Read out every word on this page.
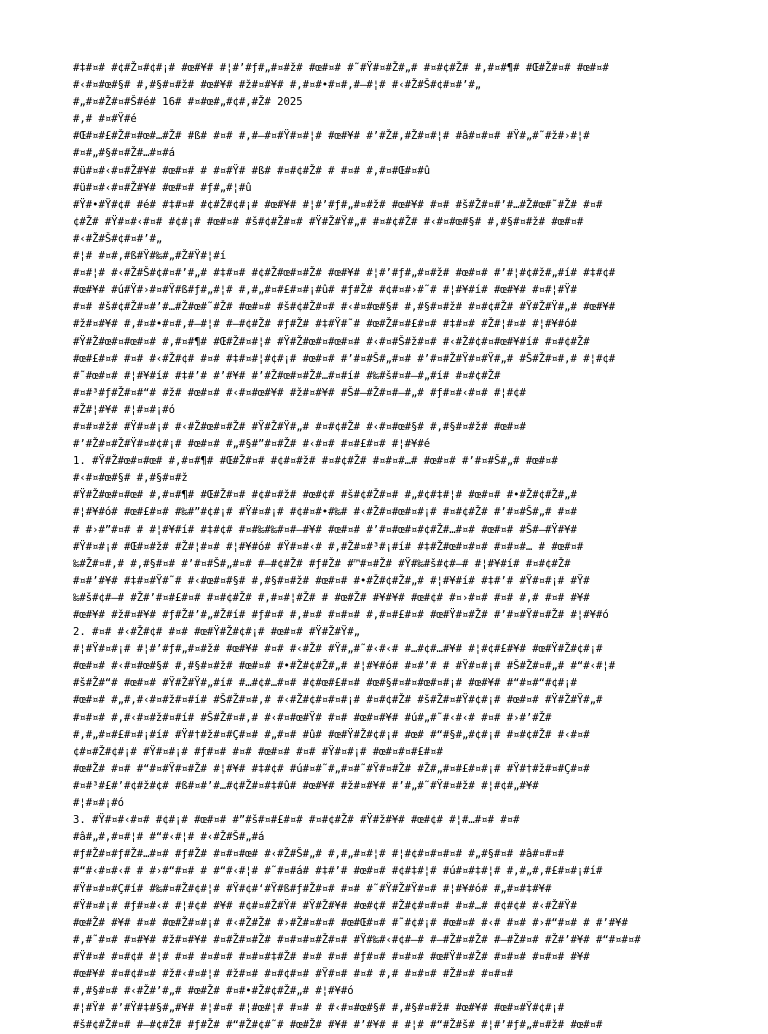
#‡#¤# #¢#Ž¤#¢#¡# #œ#¥# #¦#’#ƒ#„#¤#ž# #œ#¤# #˜#Ÿ#¤#Ž#„# #¤#¢#Ž# #‚#¤#¶# #Œ#Ž#¤# #œ#¤#
#‹#¤#œ#§# #‚#§#¤#ž# #œ#¥# #ž#¤#¥# #‚#¤#•#¤#‚#–#¦# #‹#Ž#Š#¢#¤#’#„
#„#¤#Ž#¤#Š#é# 16# #¤#œ#„#¢#‚#Ž# 2025
#‚# #¤#Ÿ#é
#Œ#¤#£#Ž#¤#œ#…#Ž# #ß# #¤# #‚#–#¤#Ÿ#¤#¦# #œ#¥# #’#Ž#‚#Ž#¤#¦# #â#¤#¤# #Ÿ#„#˜#ž#›#¦#
#¤#„#§#¤#Ž#…#¤#á
#ü#¤#‹#¤#Ž#¥# #œ#¤# # #¤#Ÿ# #ß# #¤#¢#Ž# # #¤# #‚#¤#Œ#¤#û
#ü#¤#‹#¤#Ž#¥# #œ#¤# #ƒ#„#¦#û
#Ÿ#•#Ÿ#¢# #é# #‡#¤# #¢#Ž#¢#¡# #œ#¥# #¦#’#ƒ#„#¤#ž# #œ#¥# #¤# #š#Ž#¤#’#…#Ž#œ#˜#Ž# #¤#
¢#Ž# #Ÿ#¤#‹#¤# #¢#¡# #œ#¤# #š#¢#Ž#¤# #Ÿ#Ž#Ÿ#„# #¤#¢#Ž# #‹#¤#œ#§# #‚#§#¤#ž# #œ#¤#
#‹#Ž#Š#¢#¤#’#„
#¦# #¤#‚#ß#Ÿ#‰#„#Ž#Ÿ#¦#í
#¤#¦# #‹#Ž#Š#¢#¤#’#„# #‡#¤# #¢#Ž#œ#¤#Ž# #œ#¥# #¦#’#ƒ#„#¤#ž# #œ#¤# #’#¦#¢#ž#„#í# #‡#¢#
#œ#¥# #ú#Ÿ#›#¤#Ÿ#ß#ƒ#„#¦# #‚#„#¤#£#¤#¡#û# #ƒ#Ž# #¢#¤#›#˜# #¦#¥#í# #œ#¥# #¤#¦#Ÿ#
#¤# #š#¢#Ž#¤#’#…#Ž#œ#˜#Ž# #œ#¤# #š#¢#Ž#¤# #‹#¤#œ#§# #‚#§#¤#ž# #¤#¢#Ž# #Ÿ#Ž#Ÿ#„# #œ#¥#
#ž#¤#¥# #‚#¤#•#¤#‚#–#¦# #–#¢#Ž# #ƒ#Ž# #‡#Ÿ#˜# #œ#Ž#¤#£#¤# #‡#¤# #Ž#¦#¤# #¦#¥#ó#
#Ÿ#Ž#œ#¤#œ#¤# #‚#¤#¶# #Œ#Ž#¤#¦# #Ÿ#Ž#œ#¤#œ#¤# #‹#¤#Š#ž#¤# #‹#Ž#¢#¤#œ#¥#í# #¤#¢#Ž#
#œ#£#¤# #¤# #‹#Ž#¢# #¤# #‡#¤#¦#¢#¡# #œ#¤# #’#¤#Š#„#¤# #’#¤#Ž#Ÿ#¤#Ÿ#„# #Š#Ž#¤#‚# #¦#¢#
#˜#œ#¤# #¦#¥#í# #‡#’# #’#¥# #’#Ž#œ#¤#Ž#…#¤#í# #‰#š#¤#—#„#í# #¤#¢#Ž#
#¤#³#ƒ#Ž#¤#“# #ž# #œ#¤# #‹#¤#œ#¥# #ž#¤#¥# #Š#–#Ž#¤#—#„# #ƒ#¤#‹#¤# #¦#¢#
#Ž#¦#¥# #¦#¤#¡#ó
#¤#¤#ž# #Ÿ#¤#¡# #‹#Ž#œ#¤#Ž# #Ÿ#Ž#Ÿ#„# #¤#¢#Ž# #‹#¤#œ#§# #‚#§#¤#ž# #œ#¤#
#’#Ž#¤#Ž#Ÿ#¤#¢#¡# #œ#¤# #„#§#”#¤#Ž# #‹#¤# #¤#£#¤# #¦#¥#é
1. #Ÿ#Ž#œ#¤#œ# #‚#¤#¶# #Œ#Ž#¤# #¢#¤#ž# #¤#¢#Ž# #¤#¤#…# #œ#¤# #’#¤#Š#„# #œ#¤#
#‹#¤#œ#§# #‚#§#¤#ž
#Ÿ#Ž#œ#¤#œ# #‚#¤#¶# #Œ#Ž#¤# #¢#¤#ž# #œ#¢# #š#¢#Ž#¤# #„#¢#‡#¦# #œ#¤# #•#Ž#¢#Ž#„#
#¦#¥#ó# #œ#£#¤# #‰#”#¢#¡# #Ÿ#¤#¡# #¢#¤#•#‰# #‹#Ž#¤#œ#¤#¡# #¤#¢#Ž# #’#¤#Š#„# #¤#
# #›#”#¤# # #¦#¥#í# #‡#¢# #¤#‰#‰#¤#–#¥# #œ#¤# #’#¤#œ#¤#¢#Ž#…#¤# #œ#¤# #Š#–#Ÿ#¥#
#Ÿ#¤#¡# #Œ#¤#ž# #Ž#¦#¤# #¦#¥#ó# #Ÿ#¤#‹# #‚#Ž#¤#³#¡#í# #‡#Ž#œ#¤#¤# #¤#¤#… # #œ#¤#
‰#Ž#¤#‚# #‚#§#¤# #’#¤#Š#„#¤# #–#¢#Ž# #ƒ#Ž# #™#¤#Ž# #Ÿ#‰#š#¢#—# #¦#¥#í# #¤#¢#Ž#
#¤#’#¥# #‡#¤#Ÿ#˜# #‹#œ#¤#§# #‚#§#¤#ž# #œ#¤# #•#Ž#¢#Ž#„# #¦#¥#í# #‡#’# #Ÿ#¤#¡# #Ÿ#
‰#š#¢#—# #Ž#’#¤#£#¤# #¤#¢#Ž# #‚#¤#¦#Ž# # #œ#Ž# #¥#¥# #œ#¢# #¤›#¤# #¤# #‚# #¤# #¥#
#œ#¥# #ž#¤#¥# #ƒ#Ž#’#„#Ž#í# #ƒ#¤# #‚#¤# #¤#¤# #‚#¤#£#¤# #œ#Ÿ#¤#Ž# #’#¤#Ÿ#¤#Ž# #¦#¥#ó
2. #¤# #‹#Ž#¢# #¤# #œ#Ÿ#Ž#¢#¡# #œ#¤# #Ÿ#Ž#Ÿ#„
#¦#Ÿ#¤#¡# #¦#’#ƒ#„#¤#ž# #œ#¥# #¤# #‹#Ž# #Ÿ#„#˜#‹#‹# #…#¢#…#¥# #¦#¢#£#¥# #œ#Ÿ#Ž#¢#¡#
#œ#¤# #‹#¤#œ#§# #‚#§#¤#ž# #œ#¤# #•#Ž#¢#Ž#„# #¦#¥#ó# #¤#’# # #Ÿ#¤#¡# #Š#Ž#¤#„# #“#‹#¦#
#š#Ž#“# #œ#¤# #Ÿ#Ž#Ÿ#„#í# #…#¢#…#¤# #¢#œ#£#¤# #œ#§#¤#¤#œ#¤#¡# #œ#¥# #“#¤#“#¢#¡#
#œ#¤# #„#‚#‹#¤#ž#¤#í# #Š#Ž#¤#‚# #‹#Ž#¢#¤#¤#¡# #¤#¢#Ž# #š#Ž#¤#Ÿ#¢#¡# #œ#¤# #Ÿ#Ž#Ÿ#„#
#¤#¤# #‚#‹#¤#ž#¤#í# #Š#Ž#¤#‚# #‹#¤#œ#Ÿ# #¤# #œ#¤#¥# #ú#„#˜#‹#‹# #¤# #›#’#Ž#
#‚#„#¤#£#¤#¡#í# #Ÿ#†#ž#¤#Ç#¤# #„#¤# #û# #œ#Ÿ#Ž#¢#¡# #œ# #“#§#„#¢#¡# #¤#¢#Ž# #‹#¤#
¢#¤#Ž#¢#¡# #Ÿ#¤#¡# #ƒ#¤# #¤# #œ#¤# #¤# #Ÿ#¤#¡# #œ#¤#¤#£#¤#
#œ#Ž# #¤# #“#¤#Ÿ#¤#Ž# #¦#¥# #‡#¢# #ú#¤#˜#„#¤#˜#Ÿ#¤#Ž# #Ž#„#¤#£#¤#¡# #Ÿ#†#ž#¤#Ç#¤#
#¤#³#£#’#¢#ž#¢# #ß#¤#’#…#¢#Ž#¤#‡#û# #œ#¥# #ž#¤#¥# #’#„#˜#Ÿ#¤#ž# #¦#¢#„#¥#
#¦#¤#¡#ó
3. #Ÿ#¤#‹#¤# #¢#¡# #œ#¤# #”#š#¤#£#¤# #¤#¢#Ž# #Ÿ#ž#¥# #œ#¢# #¦#…#¤# #¤#
#â#„#‚#¤#¦# #“#‹#¦# #‹#Ž#Š#„#á
#ƒ#Ž#¤#ƒ#Ž#…#¤# #ƒ#Ž# #¤#¤#œ# #‹#Ž#Š#„# #‚#„#¤#¦# #¦#¢#¤#¤#¤# #„#§#¤# #â#¤#¤#
#“#‹#¤#‹# # #›#“#¤# # #“#‹#¦# #˜#¤#á# #‡#’# #œ#¤# #¢#‡#¦# #ú#¤#‡#¦# #‚#„#‚#£#¤#¡#í#
#Ÿ#¤#¤#Ç#í# #‰#¤#Ž#¢#¦# #Ÿ#¢#‘#Ÿ#ß#ƒ#Ž#¤# #¤# #˜#Ÿ#Ž#Ÿ#¤# #¦#¥#ó# #„#¤#‡#¥#
#Ÿ#¤#¡# #ƒ#¤#‹# #¦#¢# #¥# #¢#¤#Ž#Ÿ# #Ÿ#Ž#¥# #œ#¢# #Ž#¢#¤#¤# #¤#…# #¢#¢# #‹#Ž#Ÿ#
#œ#Ž# #¥# #¤# #œ#Ž#¤#¡# #‹#Ž#Ž# #›#Ž#¤#¤# #œ#Œ#¤# #˜#¢#¡# #œ#¤# #‹# #¤# #›#“#¤# # #’#¥#
#‚#˜#¤# #¤#¥# #ž#¤#¥# #¤#Ž#¤#Ž# #¤#¤#¤#Ž#¤# #Ÿ#‰#‹#¢#—# #–#Ž#¤#Ž# #–#Ž#¤# #Ž#’#¥# #“#¤#¤#
#Ÿ#¤# #¤#¢# #¦# #¤# #¤#¤# #¤#¤#‡#Ž# #¤# #¤# #ƒ#¤# #¤#¤# #œ#Ÿ#¤#Ž# #¤#¤# #¤#¤# #¥#
#œ#¥# #¤#¢#¤# #ž#‹#¤#¦# #ž#¤# #¤#¢#¤# #Ÿ#¤# #¤# #‚# #¤#¤# #Ž#¤# #¤#¤#
#‚#§#¤# #‹#Ž#’#„# #œ#Ž# #¤#•#Ž#¢#Ž#„# #¦#¥#ó
#¦#Ÿ# #’#Ÿ#‡#§#„#¥# #¦#¤# #¦#œ#¦# #¤# # #‹#¤#œ#§# #‚#§#¤#ž# #œ#¥# #œ#¤#Ÿ#¢#¡#
#š#¢#Ž#¤# #–#¢#Ž# #ƒ#Ž# #“#Ž#¢#˜# #œ#Ž# #¥# #’#¥# # #¦# #“#Ž#š# #¦#’#ƒ#„#¤#ž# #œ#¤#
